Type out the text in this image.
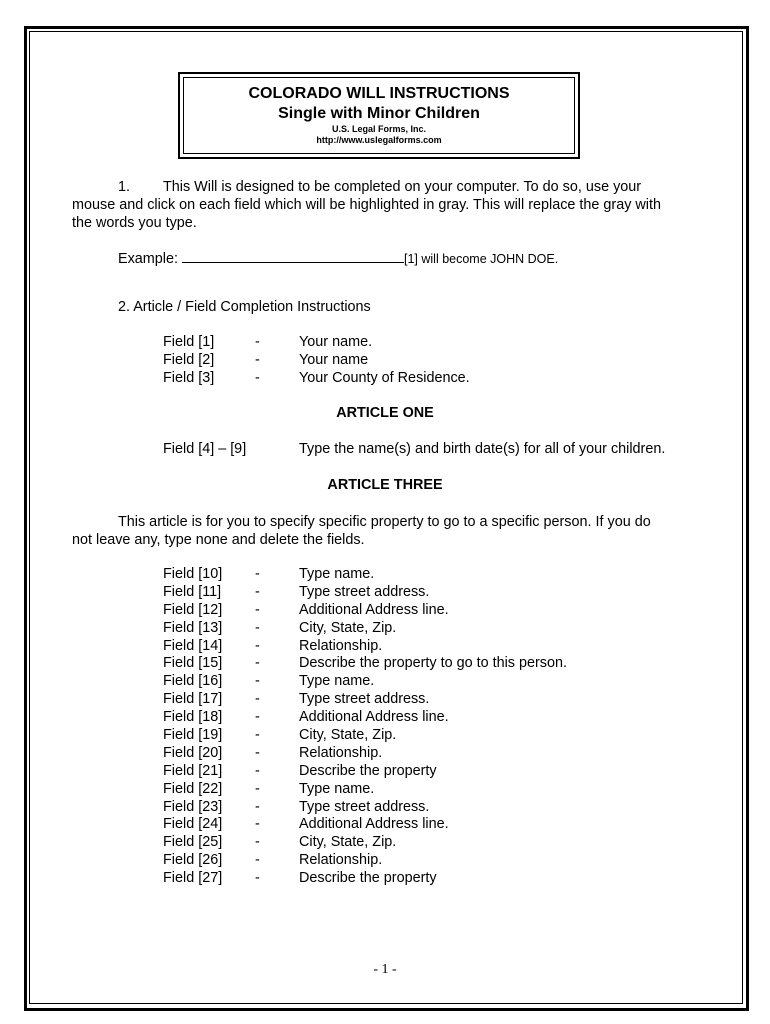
COLORADO WILL INSTRUCTIONS
Single with Minor Children
U.S. Legal Forms, Inc.
http://www.uslegalforms.com
1. This Will is designed to be completed on your computer. To do so, use your
mouse and click on each field which will be highlighted in gray. This will replace the gray with
the words you type.
Example:	[1] will become JOHN DOE.
2. Article / Field Completion Instructions
Field [1]	-	Your name.
Field [2]	-	Your name
Field [3]	-	Your County of Residence.
ARTICLE ONE
Field [4] – [9]	Type the name(s) and birth date(s) for all of your children.
ARTICLE THREE
This article is for you to specify specific property to go to a specific person. If you do
not leave any, type none and delete the fields.
Field [10]	-	Type name.
Field [11]	-	Type street address.
Field [12]	-	Additional Address line.
Field [13]	-	City, State, Zip.
Field [14]	-	Relationship.
Field [15]	-	Describe the property to go to this person.
Field [16]	-	Type name.
Field [17]	-	Type street address.
Field [18]	-	Additional Address line.
Field [19]	-	City, State, Zip.
Field [20]	-	Relationship.
Field [21]	-	Describe the property
Field [22]	-	Type name.
Field [23]	-	Type street address.
Field [24]	-	Additional Address line.
Field [25]	-	City, State, Zip.
Field [26]	-	Relationship.
Field [27]	-	Describe the property
- 1 -
